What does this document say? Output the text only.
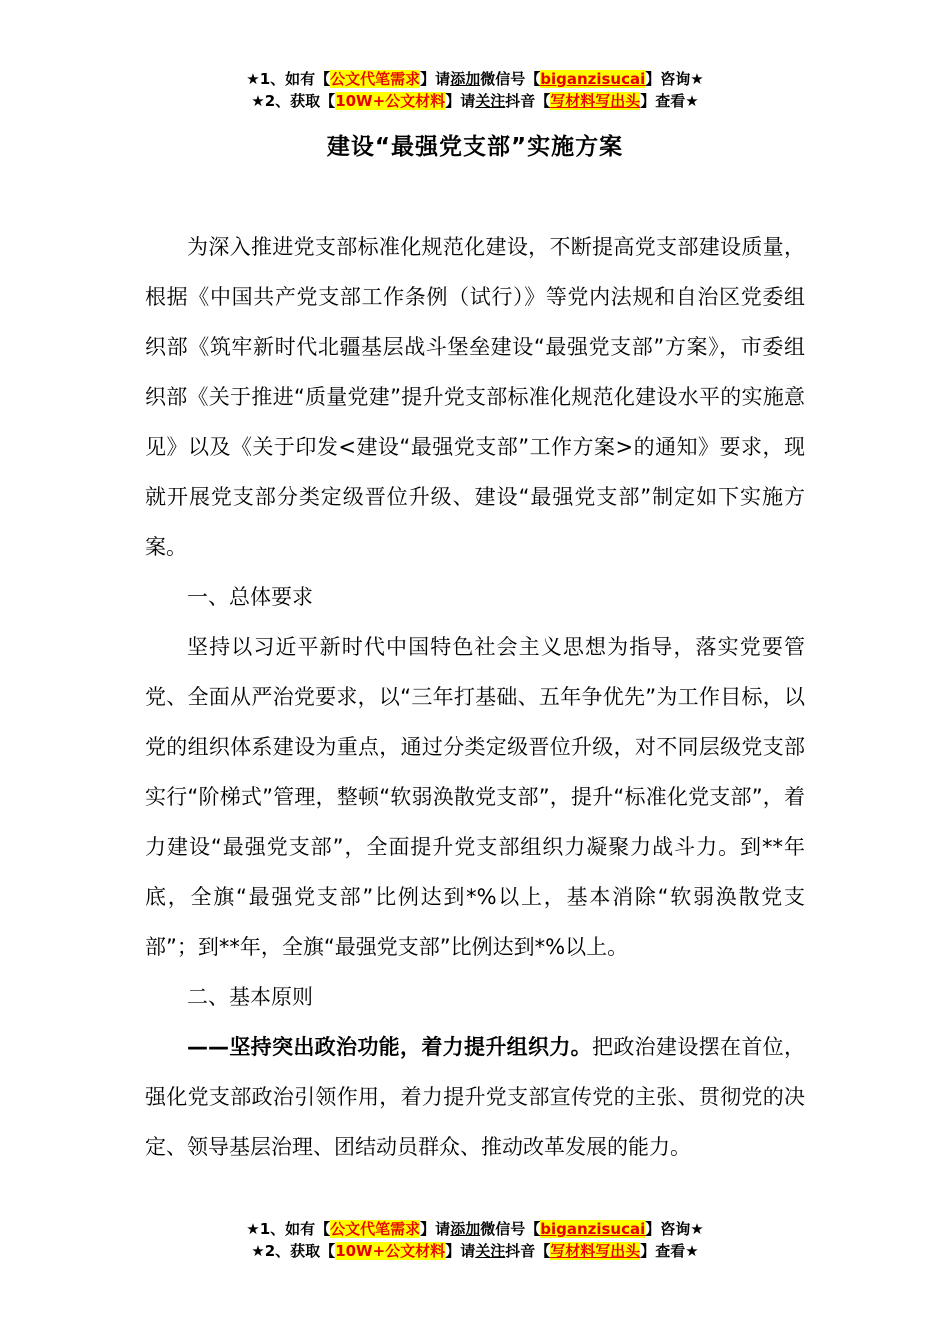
★1、如有【公文代笔需求】请添加微信号【biganzisucai】咨询★
★2、获取【10W+公文材料】请关注抖音【写材料写出头】查看★
建设“最强党支部”实施方案

为深入推进党支部标准化规范化建设，不断提高党支部建设质量，根据《中国共产党支部工作条例（试行）》等党内法规和自治区党委组织部《筑牢新时代北疆基层战斗堡垒建设“最强党支部”方案》，市委组织部《关于推进“质量党建”提升党支部标准化规范化建设水平的实施意见》以及《关于印发<建设“最强党支部”工作方案>的通知》要求，现就开展党支部分类定级晋位升级、建设“最强党支部”制定如下实施方案。

一、总体要求

坚持以习近平新时代中国特色社会主义思想为指导，落实党要管党、全面从严治党要求，以“三年打基础、五年争优先”为工作目标，以党的组织体系建设为重点，通过分类定级晋位升级，对不同层级党支部实行“阶梯式”管理，整顿“软弱涣散党支部”，提升“标准化党支部”，着力建设“最强党支部”，全面提升党支部组织力凝聚力战斗力。到**年底，全旗“最强党支部”比例达到*%以上，基本消除“软弱涣散党支部”；到**年，全旗“最强党支部”比例达到*%以上。

二、基本原则

——坚持突出政治功能，着力提升组织力。把政治建设摆在首位，强化党支部政治引领作用，着力提升党支部宣传党的主张、贯彻党的决定、领导基层治理、团结动员群众、推动改革发展的能力。

★1、如有【公文代笔需求】请添加微信号【biganzisucai】咨询★
★2、获取【10W+公文材料】请关注抖音【写材料写出头】查看★
